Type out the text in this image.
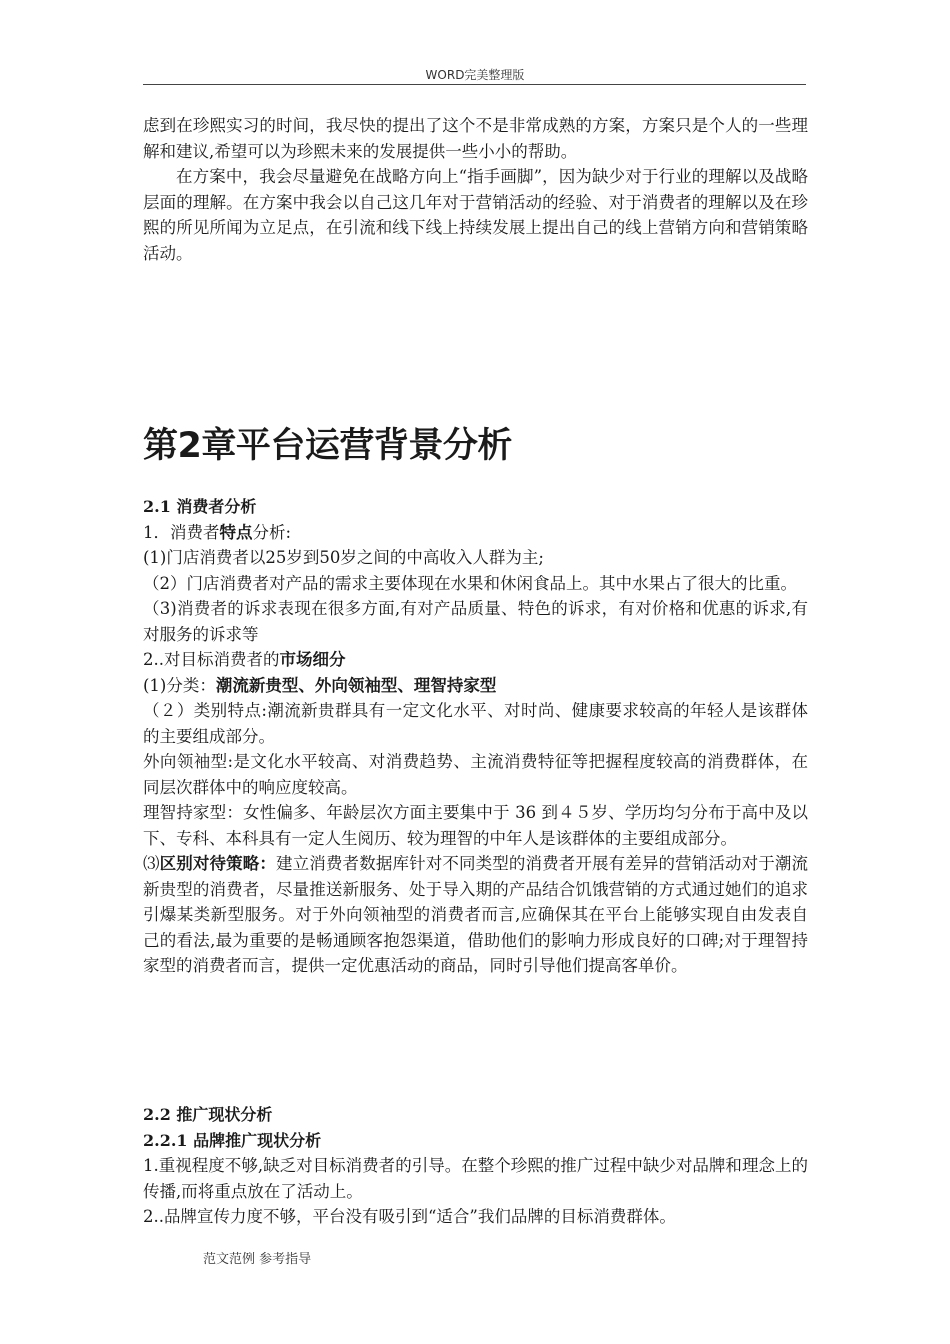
WORD完美整理版

虑到在珍熙实习的时间，我尽快的提出了这个不是非常成熟的方案，方案只是个人的一些理解和建议,希望可以为珍熙未来的发展提供一些小小的帮助。

在方案中，我会尽量避免在战略方向上“指手画脚”，因为缺少对于行业的理解以及战略层面的理解。在方案中我会以自己这几年对于营销活动的经验、对于消费者的理解以及在珍熙的所见所闻为立足点，在引流和线下线上持续发展上提出自己的线上营销方向和营销策略活动。

第2章平台运营背景分析

2.1 消费者分析

1．消费者特点分析:

(1)门店消费者以25岁到50岁之间的中高收入人群为主;

（2）门店消费者对产品的需求主要体现在水果和休闲食品上。其中水果占了很大的比重。

（3)消费者的诉求表现在很多方面,有对产品质量、特色的诉求，有对价格和优惠的诉求,有对服务的诉求等

2..对目标消费者的市场细分

(1)分类：潮流新贵型、外向领袖型、理智持家型

（２）类别特点:潮流新贵群具有一定文化水平、对时尚、健康要求较高的年轻人是该群体的主要组成部分。

外向领袖型:是文化水平较高、对消费趋势、主流消费特征等把握程度较高的消费群体，在同层次群体中的响应度较高。

理智持家型：女性偏多、年龄层次方面主要集中于 36 到４５岁、学历均匀分布于高中及以下、专科、本科具有一定人生阅历、较为理智的中年人是该群体的主要组成部分。

⑶区别对待策略：建立消费者数据库针对不同类型的消费者开展有差异的营销活动对于潮流新贵型的消费者，尽量推送新服务、处于导入期的产品结合饥饿营销的方式通过她们的追求引爆某类新型服务。对于外向领袖型的消费者而言,应确保其在平台上能够实现自由发表自己的看法,最为重要的是畅通顾客抱怨渠道，借助他们的影响力形成良好的口碑;对于理智持家型的消费者而言，提供一定优惠活动的商品，同时引导他们提高客单价。

2.2 推广现状分析

2.2.1 品牌推广现状分析

1.重视程度不够,缺乏对目标消费者的引导。在整个珍熙的推广过程中缺少对品牌和理念上的传播,而将重点放在了活动上。

2..品牌宣传力度不够，平台没有吸引到“适合”我们品牌的目标消费群体。

范文范例 参考指导
